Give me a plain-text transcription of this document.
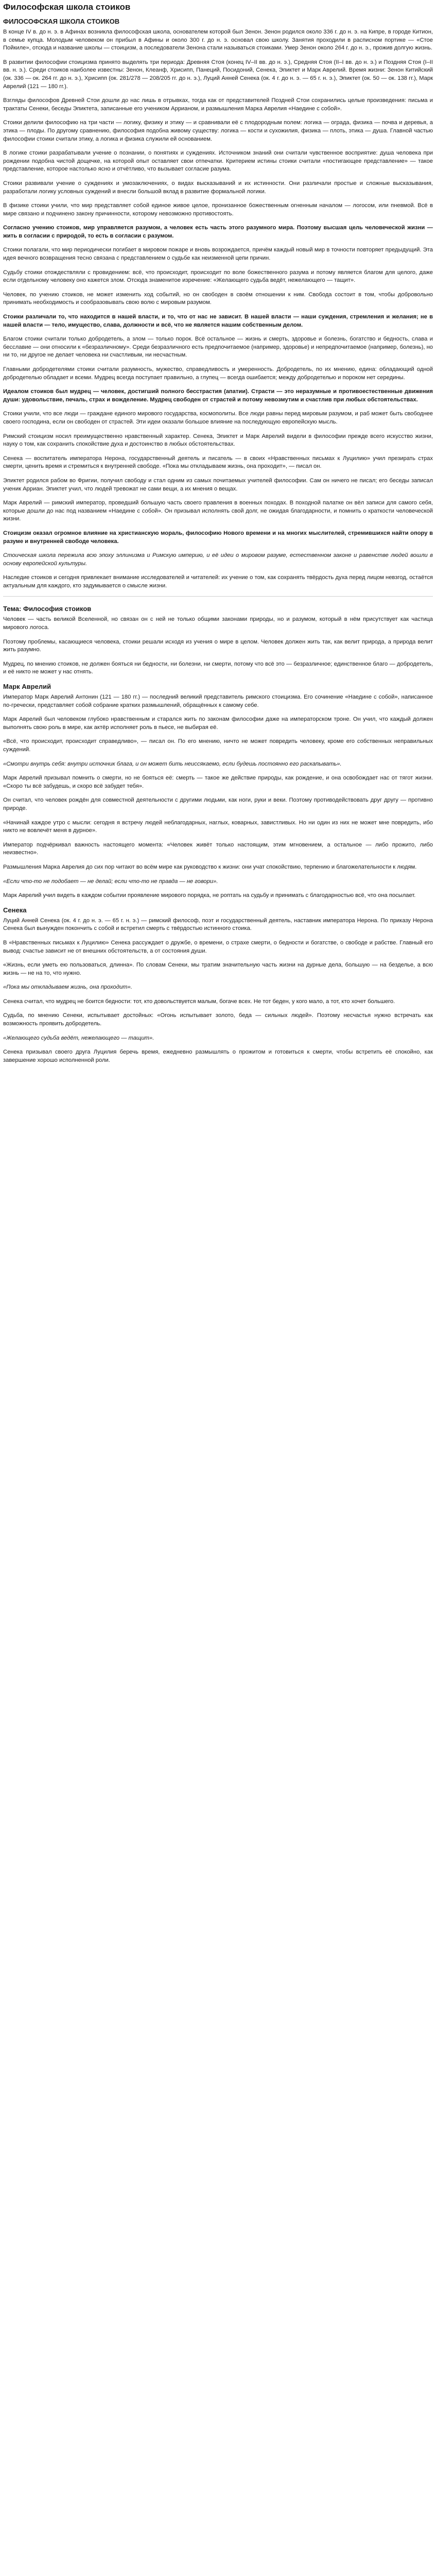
Философская школа стоиков
ФИЛОСОФСКАЯ ШКОЛА СТОИКОВ

В конце IV в. до н. э. в Афинах возникла философская школа, основателем которой был Зенон. Зенон родился около 336 г. до н. э. на Кипре, в городе Китион, в семье купца. Молодым человеком он прибыл в Афины и около 300 г. до н. э. основал свою школу. Занятия проходили в расписном портике — «Стое Пойкиле», отсюда и название школы — стоицизм, а последователи Зенона стали называться стоиками. Умер Зенон около 264 г. до н. э., прожив долгую жизнь.

В развитии философии стоицизма принято выделять три периода: Древняя Стоя (конец IV–II вв. до н. э.), Средняя Стоя (II–I вв. до н. э.) и Поздняя Стоя (I–II вв. н. э.). Среди стоиков наиболее известны: Зенон, Клеанф, Хрисипп, Панеций, Посидоний, Сенека, Эпиктет и Марк Аврелий. Время жизни: Зенон Китийский (ок. 336 — ок. 264 гг. до н. э.), Хрисипп (ок. 281/278 — 208/205 гг. до н. э.), Луций Анней Сенека (ок. 4 г. до н. э. — 65 г. н. э.), Эпиктет (ок. 50 — ок. 138 гг.), Марк Аврелий (121 — 180 гг.).

Взгляды философов Древней Стои дошли до нас лишь в отрывках, тогда как от представителей Поздней Стои сохранились целые произведения: письма и трактаты Сенеки, беседы Эпиктета, записанные его учеником Аррианом, и размышления Марка Аврелия «Наедине с собой».

Стоики делили философию на три части — логику, физику и этику — и сравнивали её с плодородным полем: логика — ограда, физика — почва и деревья, а этика — плоды. По другому сравнению, философия подобна живому существу: логика — кости и сухожилия, физика — плоть, этика — душа. Главной частью философии стоики считали этику, а логика и физика служили ей основанием.

В логике стоики разрабатывали учение о познании, о понятиях и суждениях. Источником знаний они считали чувственное восприятие: душа человека при рождении подобна чистой дощечке, на которой опыт оставляет свои отпечатки. Критерием истины стоики считали «постигающее представление» — такое представление, которое настолько ясно и отчётливо, что вызывает согласие разума.

Стоики развивали учение о суждениях и умозаключениях, о видах высказываний и их истинности. Они различали простые и сложные высказывания, разработали логику условных суждений и внесли большой вклад в развитие формальной логики.

В физике стоики учили, что мир представляет собой единое живое целое, пронизанное божественным огненным началом — логосом, или пневмой. Всё в мире связано и подчинено закону причинности, которому невозможно противостоять.

Согласно учению стоиков, мир управляется разумом, а человек есть часть этого разумного мира. Поэтому высшая цель человеческой жизни — жить в согласии с природой, то есть в согласии с разумом.

Стоики полагали, что мир периодически погибает в мировом пожаре и вновь возрождается, причём каждый новый мир в точности повторяет предыдущий. Эта идея вечного возвращения тесно связана с представлением о судьбе как неизменной цепи причин.

Судьбу стоики отождествляли с провидением: всё, что происходит, происходит по воле божественного разума и потому является благом для целого, даже если отдельному человеку оно кажется злом. Отсюда знаменитое изречение: «Желающего судьба ведёт, нежелающего — тащит».

Человек, по учению стоиков, не может изменить ход событий, но он свободен в своём отношении к ним. Свобода состоит в том, чтобы добровольно принимать необходимость и сообразовывать свою волю с мировым разумом.

Стоики различали то, что находится в нашей власти, и то, что от нас не зависит. В нашей власти — наши суждения, стремления и желания; не в нашей власти — тело, имущество, слава, должности и всё, что не является нашим собственным делом.

Благом стоики считали только добродетель, а злом — только порок. Всё остальное — жизнь и смерть, здоровье и болезнь, богатство и бедность, слава и бесславие — они относили к «безразличному». Среди безразличного есть предпочитаемое (например, здоровье) и непредпочитаемое (например, болезнь), но ни то, ни другое не делает человека ни счастливым, ни несчастным.

Главными добродетелями стоики считали разумность, мужество, справедливость и умеренность. Добродетель, по их мнению, едина: обладающий одной добродетелью обладает и всеми. Мудрец всегда поступает правильно, а глупец — всегда ошибается; между добродетелью и пороком нет середины.

Идеалом стоиков был мудрец — человек, достигший полного бесстрастия (апатии). Страсти — это неразумные и противоестественные движения души: удовольствие, печаль, страх и вожделение. Мудрец свободен от страстей и потому невозмутим и счастлив при любых обстоятельствах.

Стоики учили, что все люди — граждане единого мирового государства, космополиты. Все люди равны перед мировым разумом, и раб может быть свободнее своего господина, если он свободен от страстей. Эти идеи оказали большое влияние на последующую европейскую мысль.

Римский стоицизм носил преимущественно нравственный характер. Сенека, Эпиктет и Марк Аврелий видели в философии прежде всего искусство жизни, науку о том, как сохранить спокойствие духа и достоинство в любых обстоятельствах.

Сенека — воспитатель императора Нерона, государственный деятель и писатель — в своих «Нравственных письмах к Луцилию» учил презирать страх смерти, ценить время и стремиться к внутренней свободе. «Пока мы откладываем жизнь, она проходит», — писал он.

Эпиктет родился рабом во Фригии, получил свободу и стал одним из самых почитаемых учителей философии. Сам он ничего не писал; его беседы записал ученик Арриан. Эпиктет учил, что людей тревожат не сами вещи, а их мнения о вещах.

Марк Аврелий — римский император, проведший большую часть своего правления в военных походах. В походной палатке он вёл записи для самого себя, которые дошли до нас под названием «Наедине с собой». Он призывал исполнять свой долг, не ожидая благодарности, и помнить о краткости человеческой жизни.

Стоицизм оказал огромное влияние на христианскую мораль, философию Нового времени и на многих мыслителей, стремившихся найти опору в разуме и внутренней свободе человека.

Стоическая школа пережила всю эпоху эллинизма и Римскую империю, и её идеи о мировом разуме, естественном законе и равенстве людей вошли в основу европейской культуры.

Наследие стоиков и сегодня привлекает внимание исследователей и читателей: их учение о том, как сохранять твёрдость духа перед лицом невзгод, остаётся актуальным для каждого, кто задумывается о смысле жизни.

Тема: Философия стоиков

Человек — часть великой Вселенной, но связан он с ней не только общими законами природы, но и разумом, который в нём присутствует как частица мирового логоса.

Поэтому проблемы, касающиеся человека, стоики решали исходя из учения о мире в целом. Человек должен жить так, как велит природа, а природа велит жить разумно.

Мудрец, по мнению стоиков, не должен бояться ни бедности, ни болезни, ни смерти, потому что всё это — безразличное; единственное благо — добродетель, и её никто не может у нас отнять.

Марк Аврелий

Император Марк Аврелий Антонин (121 — 180 гг.) — последний великий представитель римского стоицизма. Его сочинение «Наедине с собой», написанное по-гречески, представляет собой собрание кратких размышлений, обращённых к самому себе.

Марк Аврелий был человеком глубоко нравственным и старался жить по законам философии даже на императорском троне. Он учил, что каждый должен выполнять свою роль в мире, как актёр исполняет роль в пьесе, не выбирая её.

«Всё, что происходит, происходит справедливо», — писал он. По его мнению, ничто не может повредить человеку, кроме его собственных неправильных суждений.

«Смотри внутрь себя: внутри источник блага, и он может бить неиссякаемо, если будешь постоянно его раскапывать».

Марк Аврелий призывал помнить о смерти, но не бояться её: смерть — такое же действие природы, как рождение, и она освобождает нас от тягот жизни. «Скоро ты всё забудешь, и скоро всё забудет тебя».

Он считал, что человек рождён для совместной деятельности с другими людьми, как ноги, руки и веки. Поэтому противодействовать друг другу — противно природе.

«Начинай каждое утро с мысли: сегодня я встречу людей неблагодарных, наглых, коварных, завистливых. Но ни один из них не может мне повредить, ибо никто не вовлечёт меня в дурное».

Император подчёркивал важность настоящего момента: «Человек живёт только настоящим, этим мгновением, а остальное — либо прожито, либо неизвестно».

Размышления Марка Аврелия до сих пор читают во всём мире как руководство к жизни: они учат спокойствию, терпению и благожелательности к людям.

«Если что-то не подобает — не делай; если что-то не правда — не говори».

Марк Аврелий учил видеть в каждом событии проявление мирового порядка, не роптать на судьбу и принимать с благодарностью всё, что она посылает.

Сенека

Луций Анней Сенека (ок. 4 г. до н. э. — 65 г. н. э.) — римский философ, поэт и государственный деятель, наставник императора Нерона. По приказу Нерона Сенека был вынужден покончить с собой и встретил смерть с твёрдостью истинного стоика.

В «Нравственных письмах к Луцилию» Сенека рассуждает о дружбе, о времени, о страхе смерти, о бедности и богатстве, о свободе и рабстве. Главный его вывод: счастье зависит не от внешних обстоятельств, а от состояния души.

«Жизнь, если уметь ею пользоваться, длинна». По словам Сенеки, мы тратим значительную часть жизни на дурные дела, большую — на безделье, а всю жизнь — не на то, что нужно.

«Пока мы откладываем жизнь, она проходит».

Сенека считал, что мудрец не боится бедности: тот, кто довольствуется малым, богаче всех. Не тот беден, у кого мало, а тот, кто хочет большего.

Судьба, по мнению Сенеки, испытывает достойных: «Огонь испытывает золото, беда — сильных людей». Поэтому несчастья нужно встречать как возможность проявить добродетель.

«Желающего судьба ведёт, нежелающего — тащит».

Сенека призывал своего друга Луцилия беречь время, ежедневно размышлять о прожитом и готовиться к смерти, чтобы встретить её спокойно, как завершение хорошо исполненной роли.
